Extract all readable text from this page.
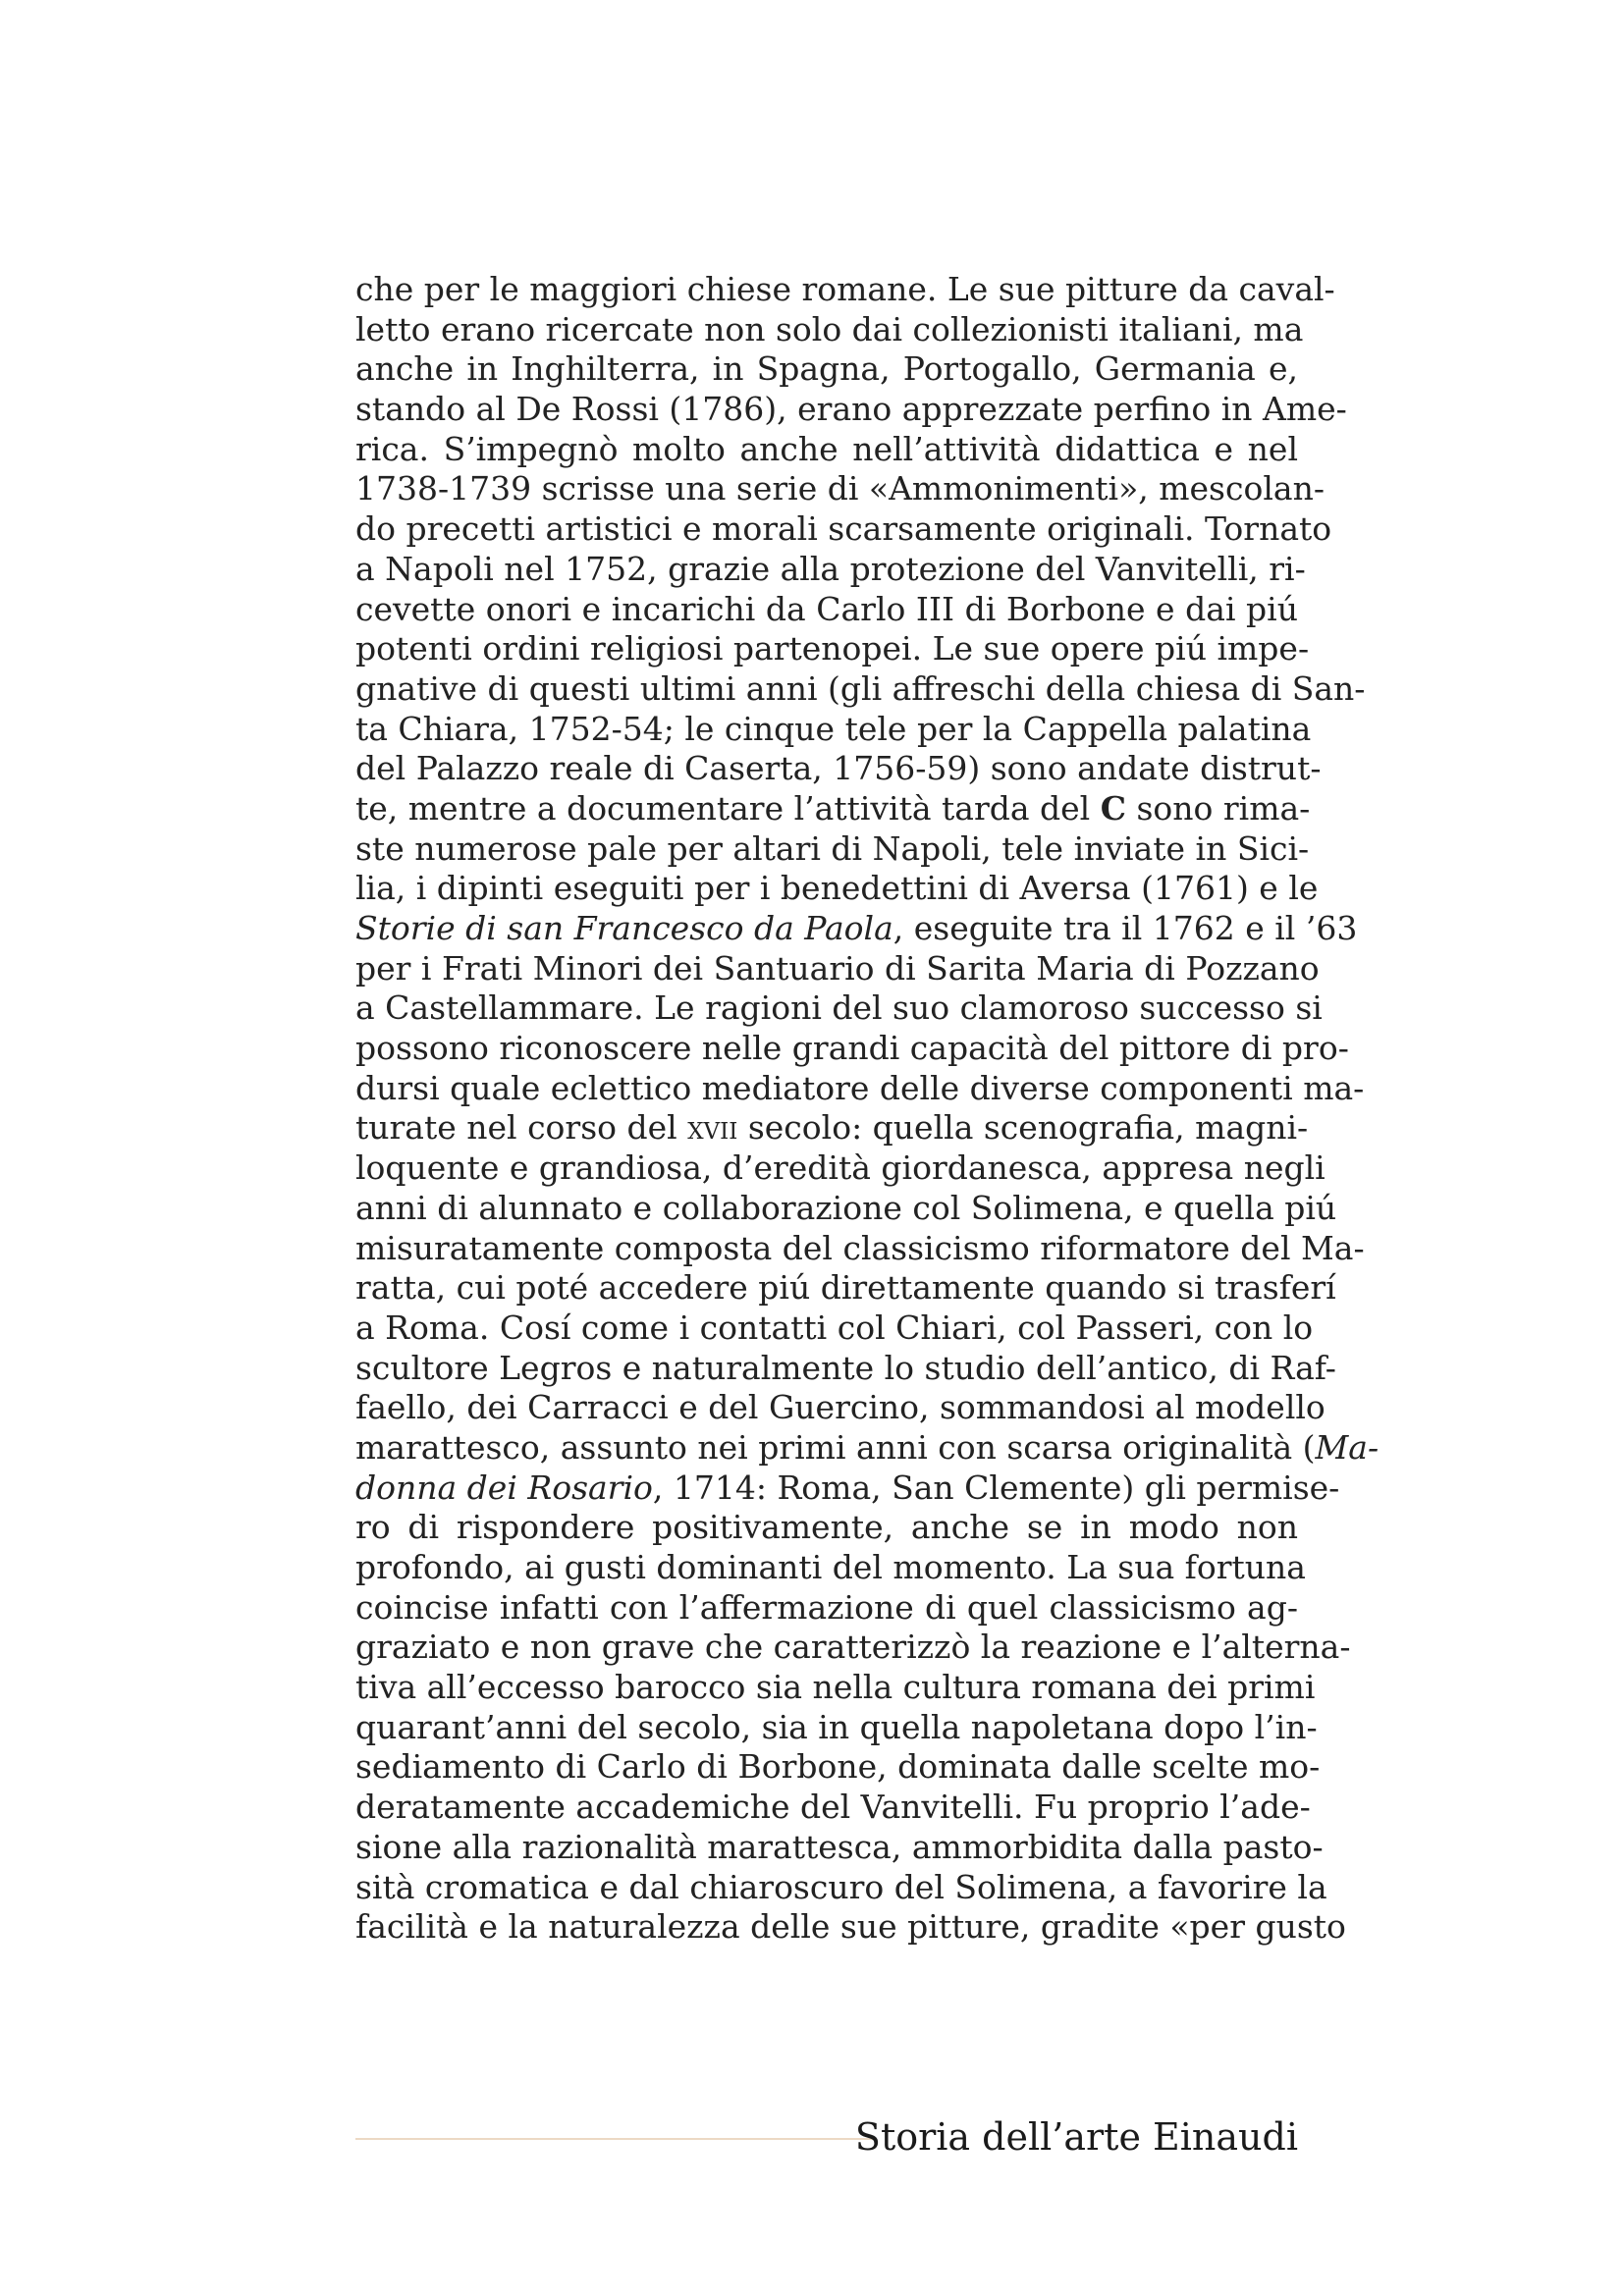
che per le maggiori chiese romane. Le sue pitture da caval-
letto erano ricercate non solo dai collezionisti italiani, ma
anche in Inghilterra, in Spagna, Portogallo, Germania e,
stando al De Rossi (1786), erano apprezzate perfino in Ame-
rica. S’impegnò molto anche nell’attività didattica e nel
1738-1739 scrisse una serie di «Ammonimenti», mescolan-
do precetti artistici e morali scarsamente originali. Tornato
a Napoli nel 1752, grazie alla protezione del Vanvitelli, ri-
cevette onori e incarichi da Carlo III di Borbone e dai piú
potenti ordini religiosi partenopei. Le sue opere piú impe-
gnative di questi ultimi anni (gli affreschi della chiesa di San-
ta Chiara, 1752-54; le cinque tele per la Cappella palatina
del Palazzo reale di Caserta, 1756-59) sono andate distrut-
te, mentre a documentare l’attività tarda del C sono rima-
ste numerose pale per altari di Napoli, tele inviate in Sici-
lia, i dipinti eseguiti per i benedettini di Aversa (1761) e le
Storie di san Francesco da Paola, eseguite tra il 1762 e il ’63
per i Frati Minori dei Santuario di Sarita Maria di Pozzano
a Castellammare. Le ragioni del suo clamoroso successo si
possono riconoscere nelle grandi capacità del pittore di pro-
dursi quale eclettico mediatore delle diverse componenti ma-
turate nel corso del xvii secolo: quella scenografia, magni-
loquente e grandiosa, d’eredità giordanesca, appresa negli
anni di alunnato e collaborazione col Solimena, e quella piú
misuratamente composta del classicismo riformatore del Ma-
ratta, cui poté accedere piú direttamente quando si trasferí
a Roma. Cosí come i contatti col Chiari, col Passeri, con lo
scultore Legros e naturalmente lo studio dell’antico, di Raf-
faello, dei Carracci e del Guercino, sommandosi al modello
marattesco, assunto nei primi anni con scarsa originalità (Ma-
donna dei Rosario, 1714: Roma, San Clemente) gli permise-
ro di rispondere positivamente, anche se in modo non
profondo, ai gusti dominanti del momento. La sua fortuna
coincise infatti con l’affermazione di quel classicismo ag-
graziato e non grave che caratterizzò la reazione e l’alterna-
tiva all’eccesso barocco sia nella cultura romana dei primi
quarant’anni del secolo, sia in quella napoletana dopo l’in-
sediamento di Carlo di Borbone, dominata dalle scelte mo-
deratamente accademiche del Vanvitelli. Fu proprio l’ade-
sione alla razionalità marattesca, ammorbidita dalla pasto-
sità cromatica e dal chiaroscuro del Solimena, a favorire la
facilità e la naturalezza delle sue pitture, gradite «per gusto
Storia dell’arte Einaudi
